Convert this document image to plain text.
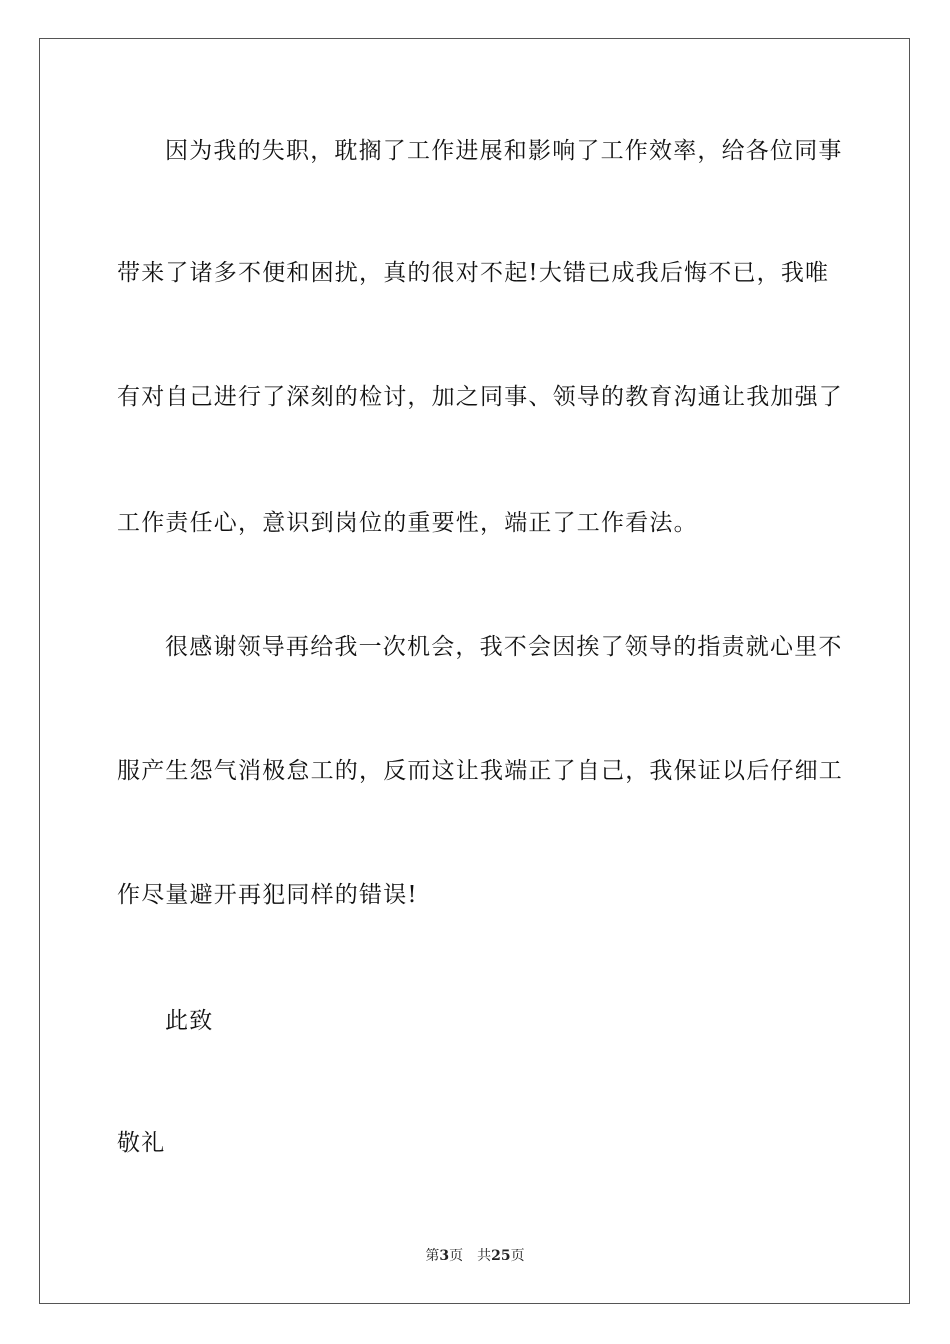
因为我的失职，耽搁了工作进展和影响了工作效率，给各位同事
带来了诸多不便和困扰，真的很对不起!大错已成我后悔不已，我唯
有对自己进行了深刻的检讨，加之同事、领导的教育沟通让我加强了
工作责任心，意识到岗位的重要性，端正了工作看法。
很感谢领导再给我一次机会，我不会因挨了领导的指责就心里不
服产生怨气消极怠工的，反而这让我端正了自己，我保证以后仔细工
作尽量避开再犯同样的错误!
此致
敬礼
第3页 共25页
